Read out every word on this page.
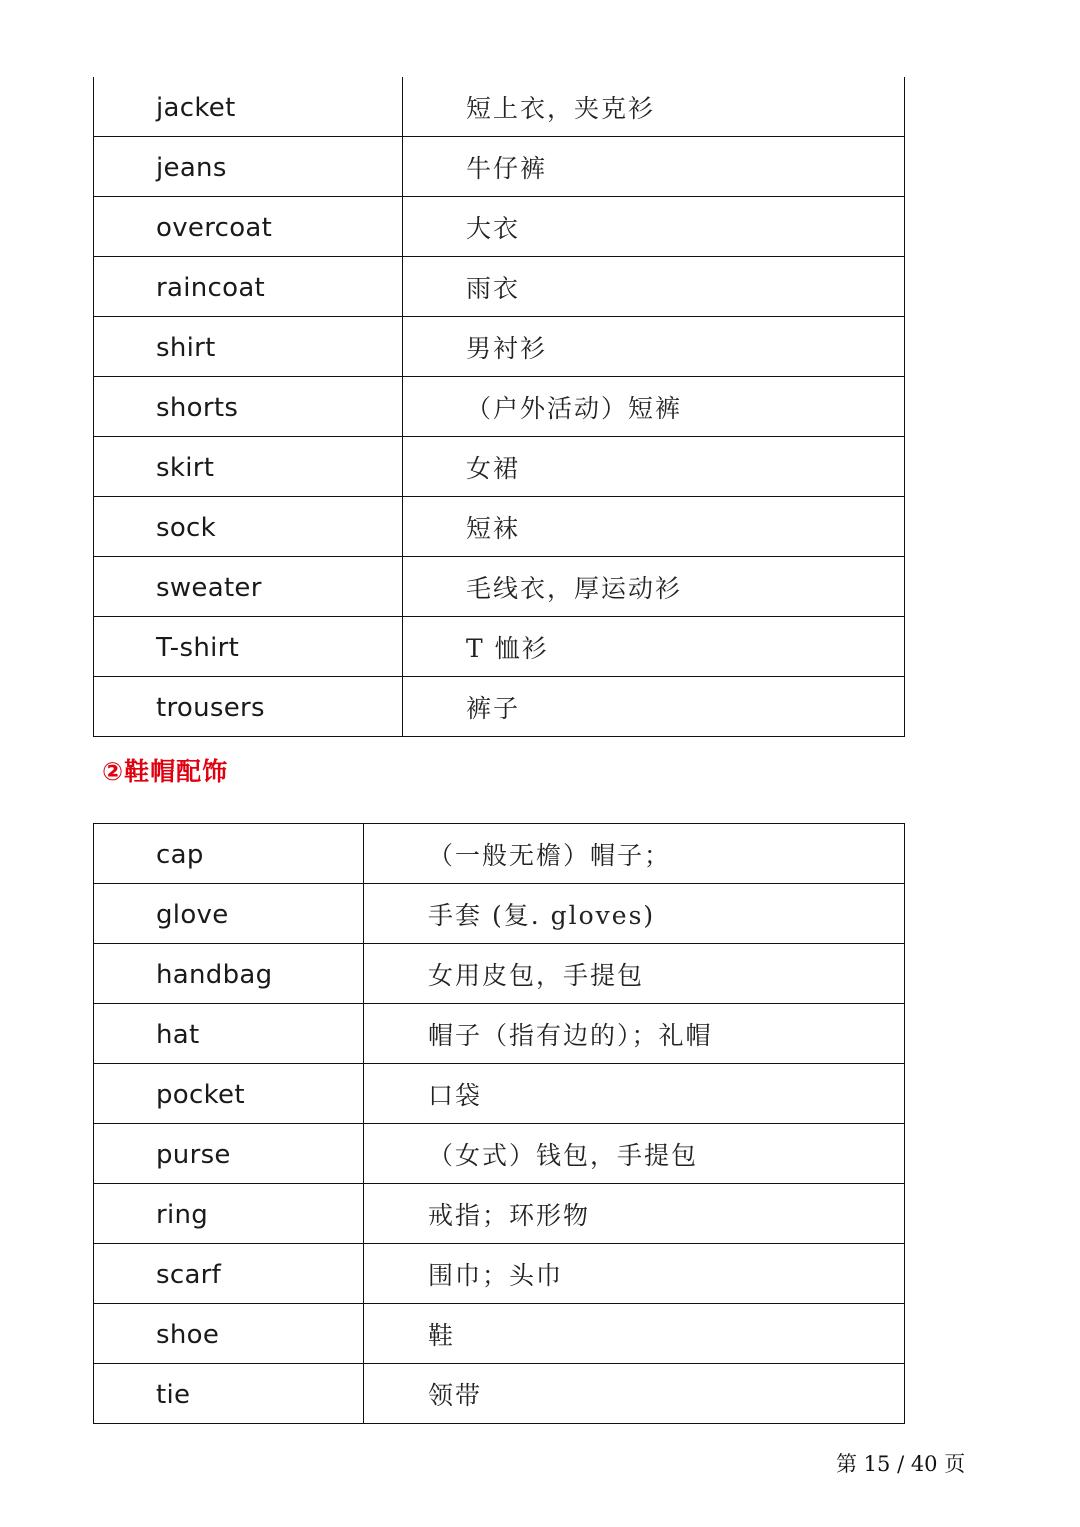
jacket	短上衣，夹克衫
jeans	牛仔裤
overcoat	大衣
raincoat	雨衣
shirt	男衬衫
shorts	（户外活动）短裤
skirt	女裙
sock	短袜
sweater	毛线衣，厚运动衫
T-shirt	T 恤衫
trousers	裤子
②鞋帽配饰
cap	（一般无檐）帽子；
glove	手套 (复. gloves)
handbag	女用皮包，手提包
hat	帽子（指有边的）；礼帽
pocket	口袋
purse	（女式）钱包，手提包
ring	戒指；环形物
scarf	围巾；头巾
shoe	鞋
tie	领带
第 15 / 40 页
